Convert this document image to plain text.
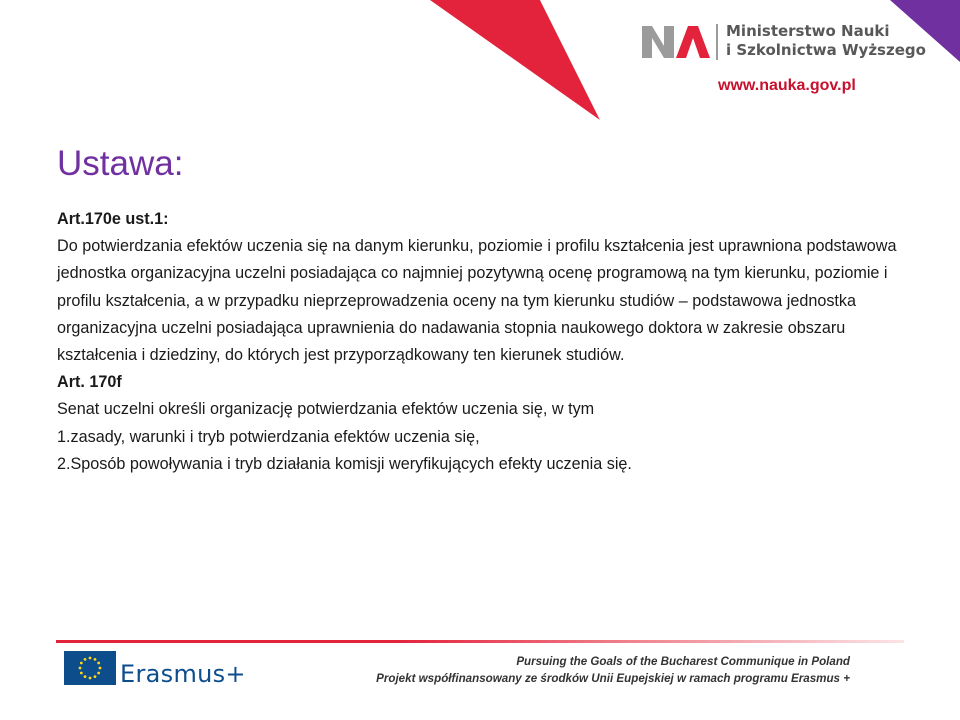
Ministerstwo Nauki
i Szkolnictwa Wyższego
www.nauka.gov.pl
Ustawa:

Art.170e ust.1:

Do potwierdzania efektów uczenia się na danym kierunku, poziomie i profilu kształcenia jest uprawniona podstawowa jednostka organizacyjna uczelni posiadająca co najmniej pozytywną ocenę programową na tym kierunku, poziomie i profilu kształcenia, a w przypadku nieprzeprowadzenia oceny na tym kierunku studiów – podstawowa jednostka organizacyjna uczelni posiadająca uprawnienia do nadawania stopnia naukowego doktora w zakresie obszaru kształcenia i dziedziny, do których jest przyporządkowany ten kierunek studiów.

Art. 170f

Senat uczelni określi organizację potwierdzania efektów uczenia się, w tym

1.zasady, warunki i tryb potwierdzania efektów uczenia się,

2.Sposób powoływania i tryb działania komisji weryfikujących efekty uczenia się.

Erasmus+	Pursuing the Goals of the Bucharest Communique in Poland
Projekt współfinansowany ze środków Unii Eupejskiej w ramach programu Erasmus +
